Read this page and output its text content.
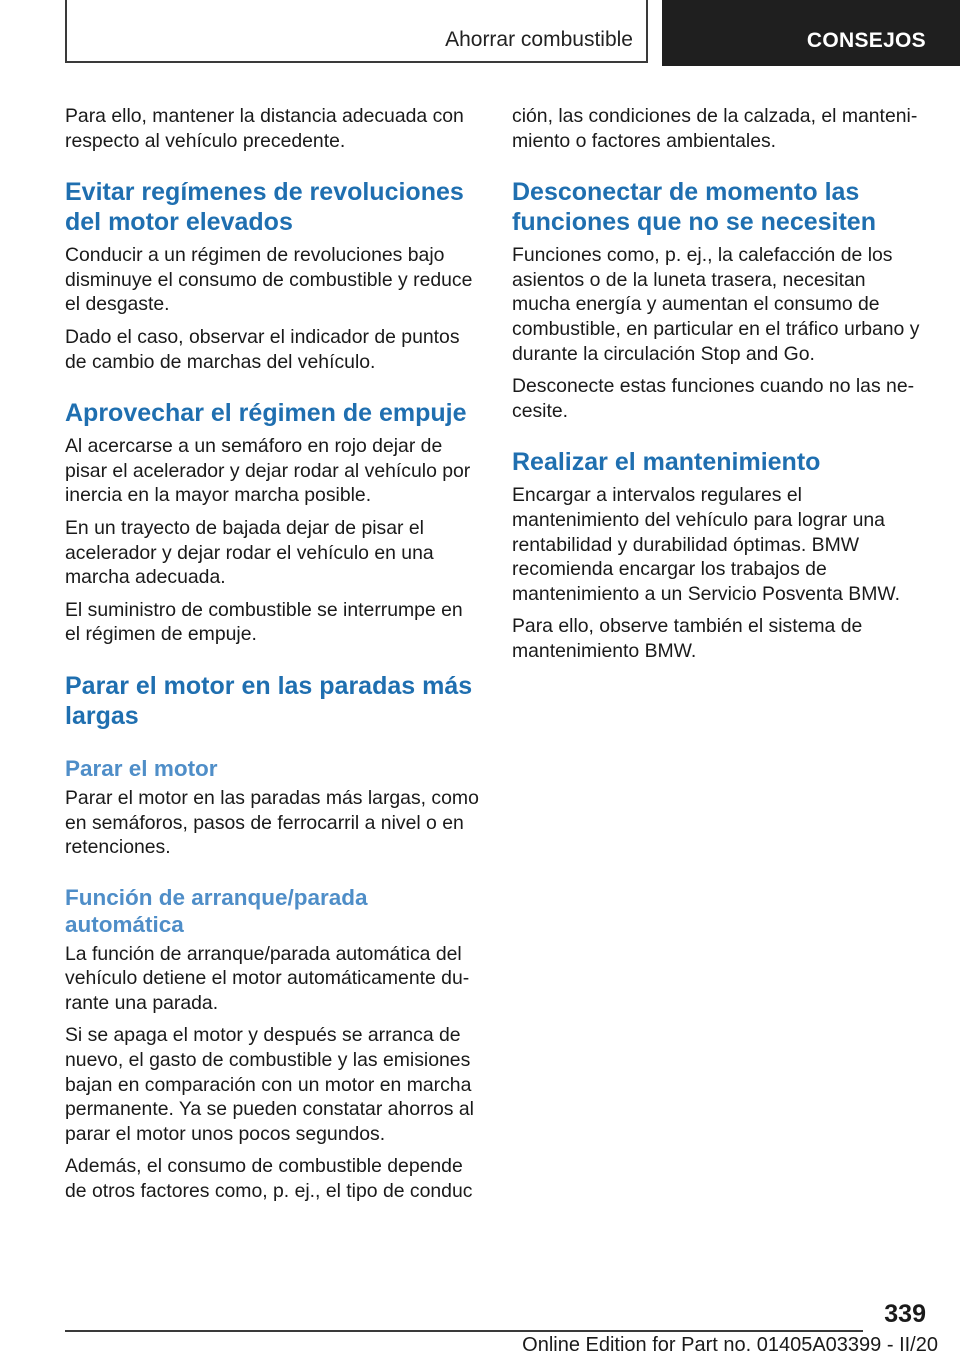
Ahorrar combustible	CONSEJOS

Para ello, mantener la distancia adecuada con respecto al vehículo precedente.

Evitar regímenes de revoluciones del motor elevados

Conducir a un régimen de revoluciones bajo disminuye el consumo de combustible y reduce el desgaste.

Dado el caso, observar el indicador de puntos de cambio de marchas del vehículo.

Aprovechar el régimen de empuje

Al acercarse a un semáforo en rojo dejar de pisar el acelerador y dejar rodar al vehículo por inercia en la mayor marcha posible.

En un trayecto de bajada dejar de pisar el acelerador y dejar rodar el vehículo en una marcha adecuada.

El suministro de combustible se interrumpe en el régimen de empuje.

Parar el motor en las paradas más largas
Parar el motor

Parar el motor en las paradas más largas, como en semáforos, pasos de ferrocarril a nivel o en retenciones.

Función de arranque/parada automática

La función de arranque/parada automática del vehículo detiene el motor automáticamente durante una parada.

Si se apaga el motor y después se arranca de nuevo, el gasto de combustible y las emisiones bajan en comparación con un motor en marcha permanente. Ya se pueden constatar ahorros al parar el motor unos pocos segundos.

Además, el consumo de combustible depende de otros factores como, p. ej., el tipo de conduc

ción, las condiciones de la calzada, el mantenimiento o factores ambientales.

Desconectar de momento las funciones que no se necesiten

Funciones como, p. ej., la calefacción de los asientos o de la luneta trasera, necesitan mucha energía y aumentan el consumo de combustible, en particular en el tráfico urbano y durante la circulación Stop and Go.

Desconecte estas funciones cuando no las necesite.

Realizar el mantenimiento

Encargar a intervalos regulares el mantenimiento del vehículo para lograr una rentabilidad y durabilidad óptimas. BMW recomienda encargar los trabajos de mantenimiento a un Servicio Posventa BMW.

Para ello, observe también el sistema de mantenimiento BMW.

339
Online Edition for Part no. 01405A03399 - II/20
